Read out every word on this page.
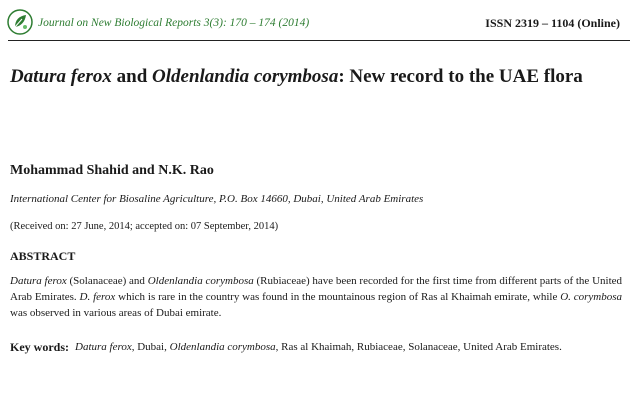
Journal on New Biological Reports 3(3): 170 – 174 (2014)	ISSN 2319 – 1104 (Online)
Datura ferox and Oldenlandia corymbosa: New record to the UAE flora

Mohammad Shahid and N.K. Rao

International Center for Biosaline Agriculture, P.O. Box 14660, Dubai, United Arab Emirates

(Received on: 27 June, 2014; accepted on: 07 September, 2014)

ABSTRACT

Datura ferox (Solanaceae) and Oldenlandia corymbosa (Rubiaceae) have been recorded for the first time from different parts of the United Arab Emirates. D. ferox which is rare in the country was found in the mountainous region of Ras al Khaimah emirate, while O. corymbosa was observed in various areas of Dubai emirate.

Key words: Datura ferox, Dubai, Oldenlandia corymbosa, Ras al Khaimah, Rubiaceae, Solanaceae, United Arab Emirates.
